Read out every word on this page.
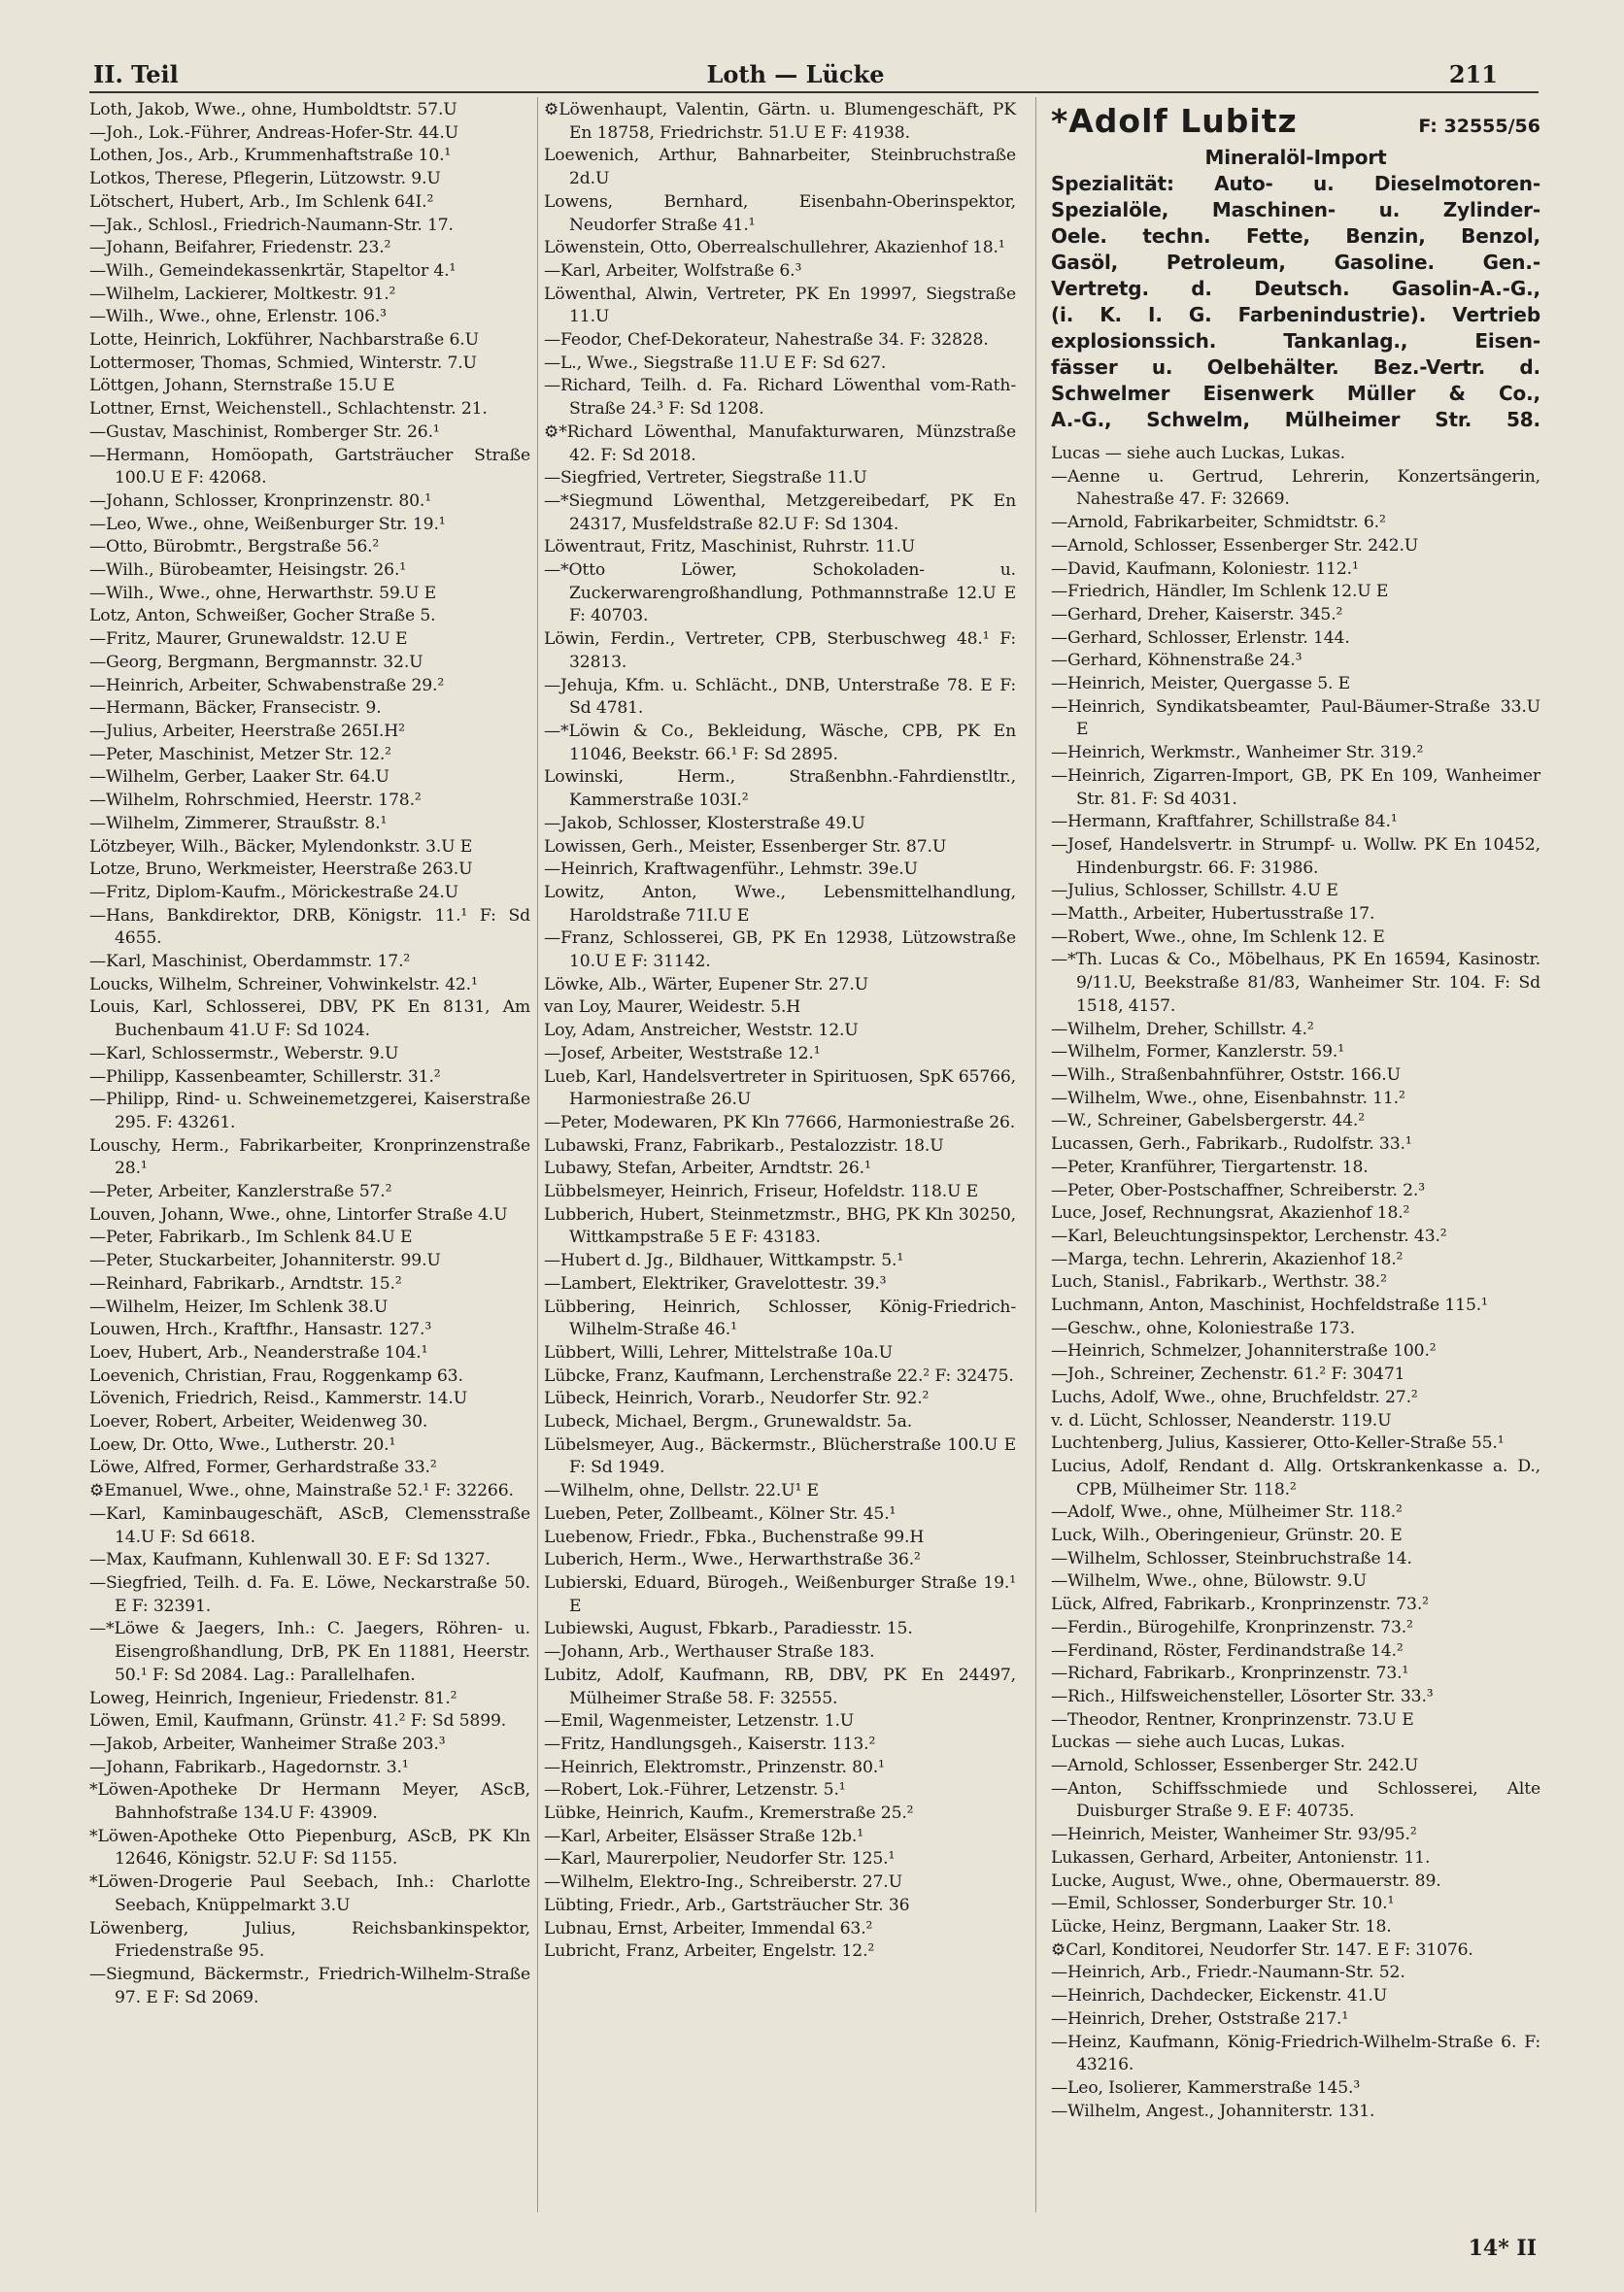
Loth — Lücke
II. Teil	211
Loth, Jakob, Wwe., ohne, Humboldtstr. 57.U
—Joh., Lok.-Führer, Andreas-Hofer-Str. 44.U
Lothen, Jos., Arb., Krummenhaftstraße 10.¹
Lotkos, Therese, Pflegerin, Lützowstr. 9.U
Lötschert, Hubert, Arb., Im Schlenk 64I.²
—Jak., Schlosl., Friedrich-Naumann-Str. 17.
—Johann, Beifahrer, Friedenstr. 23.²
—Wilh., Gemeindekassenkrtär, Stapeltor 4.¹
—Wilhelm, Lackierer, Moltkestr. 91.²
—Wilh., Wwe., ohne, Erlenstr. 106.³
Lotte, Heinrich, Lokführer, Nachbarstraße 6.U
Lottermoser, Thomas, Schmied, Winterstr. 7.U
Löttgen, Johann, Sternstraße 15.U E
Lottner, Ernst, Weichenstell., Schlachtenstr. 21.
—Gustav, Maschinist, Romberger Str. 26.¹
—Hermann, Homöopath, Gartsträucher Straße 100.U E F: 42068.
—Johann, Schlosser, Kronprinzenstr. 80.¹
—Leo, Wwe., ohne, Weißenburger Str. 19.¹
—Otto, Bürobmtr., Bergstraße 56.²
—Wilh., Bürobeamter, Heisingstr. 26.¹
—Wilh., Wwe., ohne, Herwarthstr. 59.U E
Lotz, Anton, Schweißer, Gocher Straße 5.
—Fritz, Maurer, Grunewaldstr. 12.U E
—Georg, Bergmann, Bergmannstr. 32.U
—Heinrich, Arbeiter, Schwabenstraße 29.²
—Hermann, Bäcker, Fransecistr. 9.
—Julius, Arbeiter, Heerstraße 265I.H²
—Peter, Maschinist, Metzer Str. 12.²
—Wilhelm, Gerber, Laaker Str. 64.U
—Wilhelm, Rohrschmied, Heerstr. 178.²
—Wilhelm, Zimmerer, Straußstr. 8.¹
Lötzbeyer, Wilh., Bäcker, Mylendonkstr. 3.U E
Lotze, Bruno, Werkmeister, Heerstraße 263.U
—Fritz, Diplom-Kaufm., Mörickestraße 24.U
—Hans, Bankdirektor, DRB, Königstr. 11.¹ F: Sd 4655.
—Karl, Maschinist, Oberdammstr. 17.²
Loucks, Wilhelm, Schreiner, Vohwinkelstr. 42.¹
Louis, Karl, Schlosserei, DBV, PK En 8131, Am Buchenbaum 41.U F: Sd 1024.
—Karl, Schlossermstr., Weberstr. 9.U
—Philipp, Kassenbeamter, Schillerstr. 31.²
—Philipp, Rind- u. Schweinemetzgerei, Kaiserstraße 295. F: 43261.
Louschy, Herm., Fabrikarbeiter, Kronprinzenstraße 28.¹
—Peter, Arbeiter, Kanzlerstraße 57.²
Louven, Johann, Wwe., ohne, Lintorfer Straße 4.U
—Peter, Fabrikarb., Im Schlenk 84.U E
—Peter, Stuckarbeiter, Johanniterstr. 99.U
—Reinhard, Fabrikarb., Arndtstr. 15.²
—Wilhelm, Heizer, Im Schlenk 38.U
Louwen, Hrch., Kraftfhr., Hansastr. 127.³
Loev, Hubert, Arb., Neanderstraße 104.¹
Loevenich, Christian, Frau, Roggenkamp 63.
Lövenich, Friedrich, Reisd., Kammerstr. 14.U
Loever, Robert, Arbeiter, Weidenweg 30.
Loew, Dr. Otto, Wwe., Lutherstr. 20.¹
Löwe, Alfred, Former, Gerhardstraße 33.²
⚙Emanuel, Wwe., ohne, Mainstraße 52.¹ F: 32266.
—Karl, Kaminbaugeschäft, AScB, Clemensstraße 14.U F: Sd 6618.
—Max, Kaufmann, Kuhlenwall 30. E F: Sd 1327.
—Siegfried, Teilh. d. Fa. E. Löwe, Neckarstraße 50. E F: 32391.
—*Löwe & Jaegers, Inh.: C. Jaegers, Röhren- u. Eisengroßhandlung, DrB, PK En 11881, Heerstr. 50.¹ F: Sd 2084. Lag.: Parallelhafen.
Loweg, Heinrich, Ingenieur, Friedenstr. 81.²
Löwen, Emil, Kaufmann, Grünstr. 41.² F: Sd 5899.
—Jakob, Arbeiter, Wanheimer Straße 203.³
—Johann, Fabrikarb., Hagedornstr. 3.¹
*Löwen-Apotheke Dr Hermann Meyer, AScB, Bahnhofstraße 134.U F: 43909.
*Löwen-Apotheke Otto Piepenburg, AScB, PK Kln 12646, Königstr. 52.U F: Sd 1155.
*Löwen-Drogerie Paul Seebach, Inh.: Charlotte Seebach, Knüppelmarkt 3.U
Löwenberg, Julius, Reichsbankinspektor, Friedenstraße 95.
—Siegmund, Bäckermstr., Friedrich-Wilhelm-Straße 97. E F: Sd 2069.
⚙Löwenhaupt, Valentin, Gärtn. u. Blumengeschäft, PK En 18758, Friedrichstr. 51.U E F: 41938.
Loewenich, Arthur, Bahnarbeiter, Steinbruchstraße 2d.U
Lowens, Bernhard, Eisenbahn-Oberinspektor, Neudorfer Straße 41.¹
Löwenstein, Otto, Oberrealschullehrer, Akazienhof 18.¹
—Karl, Arbeiter, Wolfstraße 6.³
Löwenthal, Alwin, Vertreter, PK En 19997, Siegstraße 11.U
—Feodor, Chef-Dekorateur, Nahestraße 34. F: 32828.
—L., Wwe., Siegstraße 11.U E F: Sd 627.
—Richard, Teilh. d. Fa. Richard Löwenthal vom-Rath-Straße 24.³ F: Sd 1208.
⚙*Richard Löwenthal, Manufakturwaren, Münzstraße 42. F: Sd 2018.
—Siegfried, Vertreter, Siegstraße 11.U
—*Siegmund Löwenthal, Metzgereibedarf, PK En 24317, Musfeldstraße 82.U F: Sd 1304.
Löwentraut, Fritz, Maschinist, Ruhrstr. 11.U
—*Otto Löwer, Schokoladen- u. Zuckerwarengroßhandlung, Pothmannstraße 12.U E F: 40703.
Löwin, Ferdin., Vertreter, CPB, Sterbuschweg 48.¹ F: 32813.
—Jehuja, Kfm. u. Schlächt., DNB, Unterstraße 78. E F: Sd 4781.
—*Löwin & Co., Bekleidung, Wäsche, CPB, PK En 11046, Beekstr. 66.¹ F: Sd 2895.
Lowinski, Herm., Straßenbhn.-Fahrdienstltr., Kammerstraße 103I.²
—Jakob, Schlosser, Klosterstraße 49.U
Lowissen, Gerh., Meister, Essenberger Str. 87.U
—Heinrich, Kraftwagenführ., Lehmstr. 39e.U
Lowitz, Anton, Wwe., Lebensmittelhandlung, Haroldstraße 71I.U E
—Franz, Schlosserei, GB, PK En 12938, Lützowstraße 10.U E F: 31142.
Löwke, Alb., Wärter, Eupener Str. 27.U
van Loy, Maurer, Weidestr. 5.H
Loy, Adam, Anstreicher, Weststr. 12.U
—Josef, Arbeiter, Weststraße 12.¹
Lueb, Karl, Handelsvertreter in Spirituosen, SpK 65766, Harmoniestraße 26.U
—Peter, Modewaren, PK Kln 77666, Harmoniestraße 26.
Lubawski, Franz, Fabrikarb., Pestalozzistr. 18.U
Lubawy, Stefan, Arbeiter, Arndtstr. 26.¹
Lübbelsmeyer, Heinrich, Friseur, Hofeldstr. 118.U E
Lubberich, Hubert, Steinmetzmstr., BHG, PK Kln 30250, Wittkampstraße 5 E F: 43183.
—Hubert d. Jg., Bildhauer, Wittkampstr. 5.¹
—Lambert, Elektriker, Gravelottestr. 39.³
Lübbering, Heinrich, Schlosser, König-Friedrich-Wilhelm-Straße 46.¹
Lübbert, Willi, Lehrer, Mittelstraße 10a.U
Lübcke, Franz, Kaufmann, Lerchenstraße 22.² F: 32475.
Lübeck, Heinrich, Vorarb., Neudorfer Str. 92.²
Lubeck, Michael, Bergm., Grunewaldstr. 5a.
Lübelsmeyer, Aug., Bäckermstr., Blücherstraße 100.U E F: Sd 1949.
—Wilhelm, ohne, Dellstr. 22.U¹ E
Lueben, Peter, Zollbeamt., Kölner Str. 45.¹
Luebenow, Friedr., Fbka., Buchenstraße 99.H
Luberich, Herm., Wwe., Herwarthstraße 36.²
Lubierski, Eduard, Bürogeh., Weißenburger Straße 19.¹ E
Lubiewski, August, Fbkarb., Paradiesstr. 15.
—Johann, Arb., Werthauser Straße 183.
Lubitz, Adolf, Kaufmann, RB, DBV, PK En 24497, Mülheimer Straße 58. F: 32555.
—Emil, Wagenmeister, Letzenstr. 1.U
—Fritz, Handlungsgeh., Kaiserstr. 113.²
—Heinrich, Elektromstr., Prinzenstr. 80.¹
—Robert, Lok.-Führer, Letzenstr. 5.¹
Lübke, Heinrich, Kaufm., Kremerstraße 25.²
—Karl, Arbeiter, Elsässer Straße 12b.¹
—Karl, Maurerpolier, Neudorfer Str. 125.¹
—Wilhelm, Elektro-Ing., Schreiberstr. 27.U
Lübting, Friedr., Arb., Gartsträucher Str. 36
Lubnau, Ernst, Arbeiter, Immendal 63.²
Lubricht, Franz, Arbeiter, Engelstr. 12.²
*Adolf Lubitz	F: 32555/56
Mineralöl-Import
Spezialität: Auto- u. Dieselmotoren-
Spezialöle, Maschinen- u. Zylinder-
Oele. techn. Fette, Benzin, Benzol,
Gasöl, Petroleum, Gasoline. Gen.-
Vertretg. d. Deutsch. Gasolin-A.-G.,
(i. K. I. G. Farbenindustrie). Vertrieb
explosionssich. Tankanlag., Eisen-
fässer u. Oelbehälter. Bez.-Vertr. d.
Schwelmer Eisenwerk Müller & Co.,
A.-G., Schwelm, Mülheimer Str. 58.
Lucas — siehe auch Luckas, Lukas.
—Aenne u. Gertrud, Lehrerin, Konzertsängerin, Nahestraße 47. F: 32669.
—Arnold, Fabrikarbeiter, Schmidtstr. 6.²
—Arnold, Schlosser, Essenberger Str. 242.U
—David, Kaufmann, Koloniestr. 112.¹
—Friedrich, Händler, Im Schlenk 12.U E
—Gerhard, Dreher, Kaiserstr. 345.²
—Gerhard, Schlosser, Erlenstr. 144.
—Gerhard, Köhnenstraße 24.³
—Heinrich, Meister, Quergasse 5. E
—Heinrich, Syndikatsbeamter, Paul-Bäumer-Straße 33.U E
—Heinrich, Werkmstr., Wanheimer Str. 319.²
—Heinrich, Zigarren-Import, GB, PK En 109, Wanheimer Str. 81. F: Sd 4031.
—Hermann, Kraftfahrer, Schillstraße 84.¹
—Josef, Handelsvertr. in Strumpf- u. Wollw. PK En 10452, Hindenburgstr. 66. F: 31986.
—Julius, Schlosser, Schillstr. 4.U E
—Matth., Arbeiter, Hubertusstraße 17.
—Robert, Wwe., ohne, Im Schlenk 12. E
—*Th. Lucas & Co., Möbelhaus, PK En 16594, Kasinostr. 9/11.U, Beekstraße 81/83, Wanheimer Str. 104. F: Sd 1518, 4157.
—Wilhelm, Dreher, Schillstr. 4.²
—Wilhelm, Former, Kanzlerstr. 59.¹
—Wilh., Straßenbahnführer, Oststr. 166.U
—Wilhelm, Wwe., ohne, Eisenbahnstr. 11.²
—W., Schreiner, Gabelsbergerstr. 44.²
Lucassen, Gerh., Fabrikarb., Rudolfstr. 33.¹
—Peter, Kranführer, Tiergartenstr. 18.
—Peter, Ober-Postschaffner, Schreiberstr. 2.³
Luce, Josef, Rechnungsrat, Akazienhof 18.²
—Karl, Beleuchtungsinspektor, Lerchenstr. 43.²
—Marga, techn. Lehrerin, Akazienhof 18.²
Luch, Stanisl., Fabrikarb., Werthstr. 38.²
Luchmann, Anton, Maschinist, Hochfeldstraße 115.¹
—Geschw., ohne, Koloniestraße 173.
—Heinrich, Schmelzer, Johanniterstraße 100.²
—Joh., Schreiner, Zechenstr. 61.² F: 30471
Luchs, Adolf, Wwe., ohne, Bruchfeldstr. 27.²
v. d. Lücht, Schlosser, Neanderstr. 119.U
Luchtenberg, Julius, Kassierer, Otto-Keller-Straße 55.¹
Lucius, Adolf, Rendant d. Allg. Ortskrankenkasse a. D., CPB, Mülheimer Str. 118.²
—Adolf, Wwe., ohne, Mülheimer Str. 118.²
Luck, Wilh., Oberingenieur, Grünstr. 20. E
—Wilhelm, Schlosser, Steinbruchstraße 14.
—Wilhelm, Wwe., ohne, Bülowstr. 9.U
Lück, Alfred, Fabrikarb., Kronprinzenstr. 73.²
—Ferdin., Bürogehilfe, Kronprinzenstr. 73.²
—Ferdinand, Röster, Ferdinandstraße 14.²
—Richard, Fabrikarb., Kronprinzenstr. 73.¹
—Rich., Hilfsweichensteller, Lösorter Str. 33.³
—Theodor, Rentner, Kronprinzenstr. 73.U E
Luckas — siehe auch Lucas, Lukas.
—Arnold, Schlosser, Essenberger Str. 242.U
—Anton, Schiffsschmiede und Schlosserei, Alte Duisburger Straße 9. E F: 40735.
—Heinrich, Meister, Wanheimer Str. 93/95.²
Lukassen, Gerhard, Arbeiter, Antonienstr. 11.
Lucke, August, Wwe., ohne, Obermauerstr. 89.
—Emil, Schlosser, Sonderburger Str. 10.¹
Lücke, Heinz, Bergmann, Laaker Str. 18.
⚙Carl, Konditorei, Neudorfer Str. 147. E F: 31076.
—Heinrich, Arb., Friedr.-Naumann-Str. 52.
—Heinrich, Dachdecker, Eickenstr. 41.U
—Heinrich, Dreher, Oststraße 217.¹
—Heinz, Kaufmann, König-Friedrich-Wilhelm-Straße 6. F: 43216.
—Leo, Isolierer, Kammerstraße 145.³
—Wilhelm, Angest., Johanniterstr. 131.
14* II
